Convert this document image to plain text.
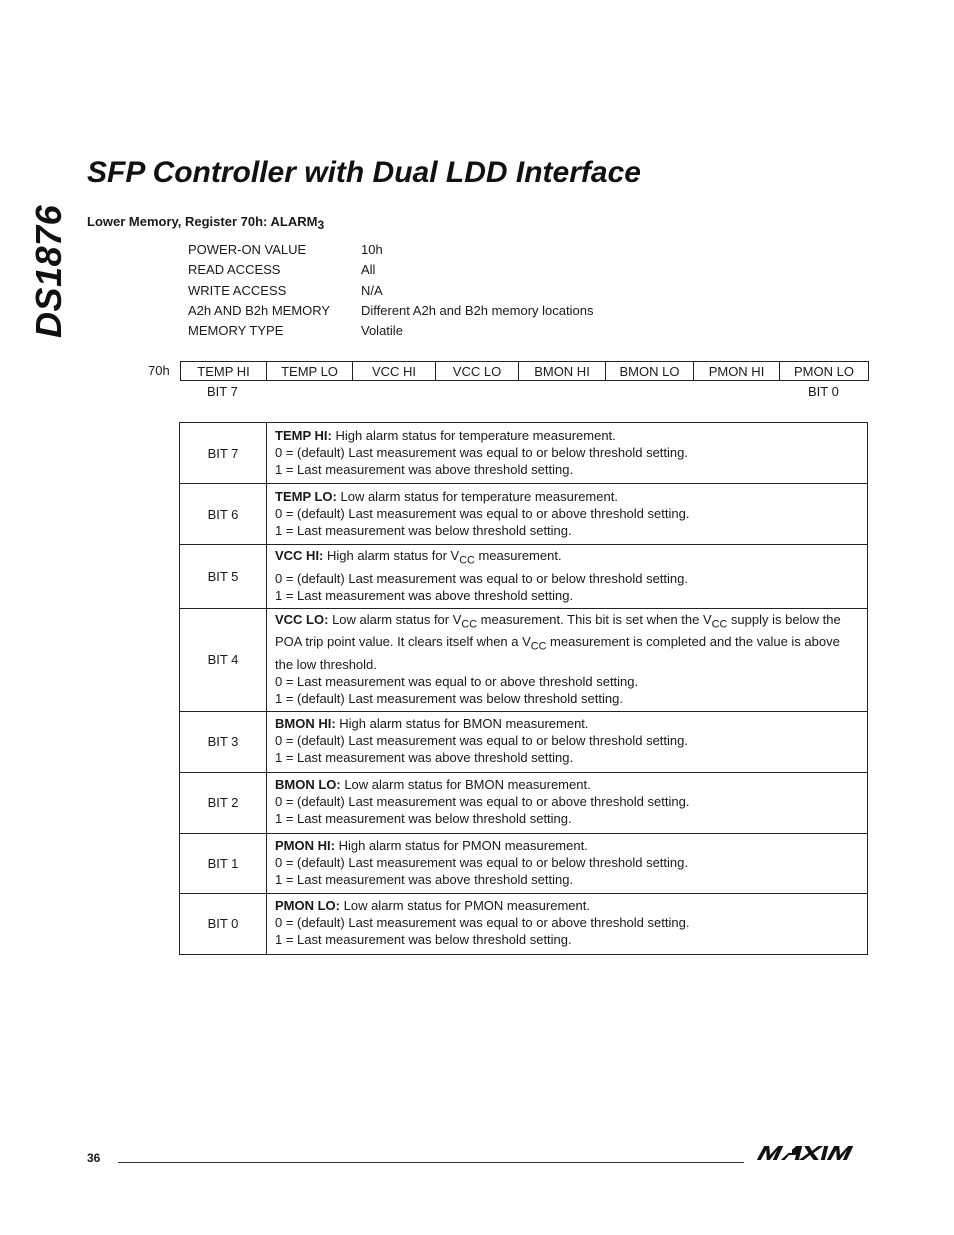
DS1876
SFP Controller with Dual LDD Interface
Lower Memory, Register 70h: ALARM3
POWER-ON VALUE	10h
READ ACCESS	All
WRITE ACCESS	N/A
A2h AND B2h MEMORY Different A2h and B2h memory locations
MEMORY TYPE	Volatile
70h TEMP HI	TEMP LO	VCC HI	VCC LO	BMON HI	BMON LO	PMON HI	PMON LO
BIT 7	BIT 0
BIT 7	TEMP HI: High alarm status for temperature measurement.
0 = (default) Last measurement was equal to or below threshold setting.
1 = Last measurement was above threshold setting.

BIT 6	TEMP LO: Low alarm status for temperature measurement.
0 = (default) Last measurement was equal to or above threshold setting.
1 = Last measurement was below threshold setting.

BIT 5	VCC HI: High alarm status for $V_{CC}$ measurement.
0 = (default) Last measurement was equal to or below threshold setting.
1 = Last measurement was above threshold setting.

BIT 4	VCC LO: Low alarm status for $V_{CC}$ measurement. This bit is set when the $V_{CC}$ supply is below the POA trip point value. It clears itself when a $V_{CC}$ measurement is completed and the value is above the low threshold.
0 = Last measurement was equal to or above threshold setting.
1 = (default) Last measurement was below threshold setting.

BIT 3	BMON HI: High alarm status for BMON measurement.
0 = (default) Last measurement was equal to or below threshold setting.
1 = Last measurement was above threshold setting.

BIT 2	BMON LO: Low alarm status for BMON measurement.
0 = (default) Last measurement was equal to or above threshold setting.
1 = Last measurement was below threshold setting.

BIT 1	PMON HI: High alarm status for PMON measurement.
0 = (default) Last measurement was equal to or below threshold setting.
1 = Last measurement was above threshold setting.

BIT 0	PMON LO: Low alarm status for PMON measurement.
0 = (default) Last measurement was equal to or above threshold setting.
1 = Last measurement was below threshold setting.
36
